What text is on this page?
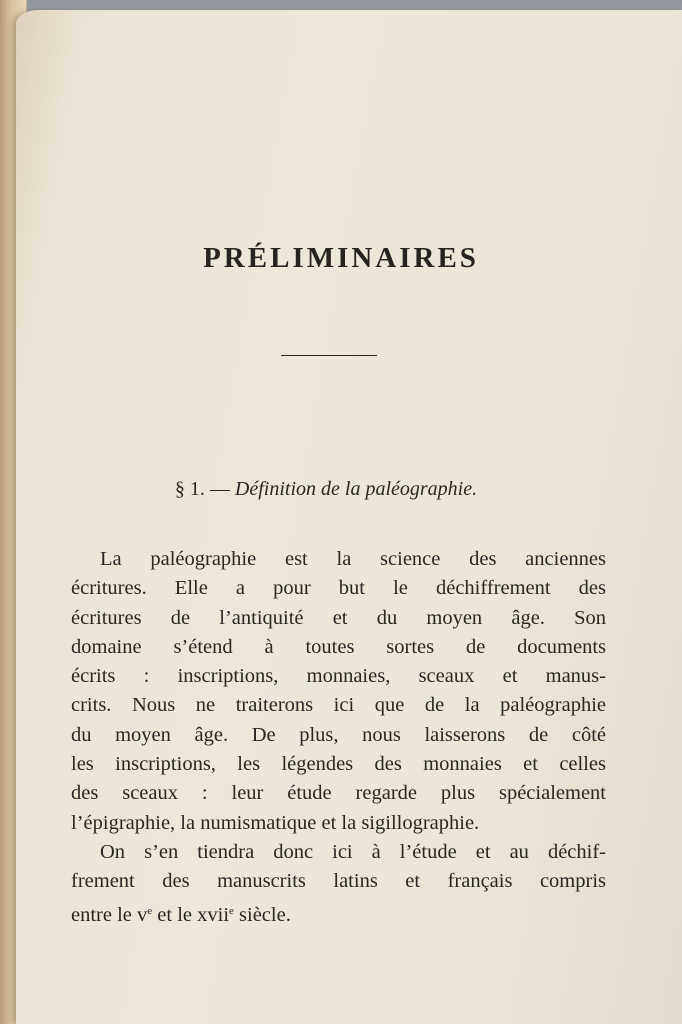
PRÉLIMINAIRES
§ 1. — Définition de la paléographie.
La paléographie est la science des anciennes
écritures. Elle a pour but le déchiffrement des
écritures de l’antiquité et du moyen âge. Son
domaine s’étend à toutes sortes de documents
écrits : inscriptions, monnaies, sceaux et manus-
crits. Nous ne traiterons ici que de la paléographie
du moyen âge. De plus, nous laisserons de côté
les inscriptions, les légendes des monnaies et celles
des sceaux : leur étude regarde plus spécialement
l’épigraphie, la numismatique et la sigillographie.
On s’en tiendra donc ici à l’étude et au déchif-
frement des manuscrits latins et français compris
entre le $v^e$ et le xvii$^e$ siècle.
